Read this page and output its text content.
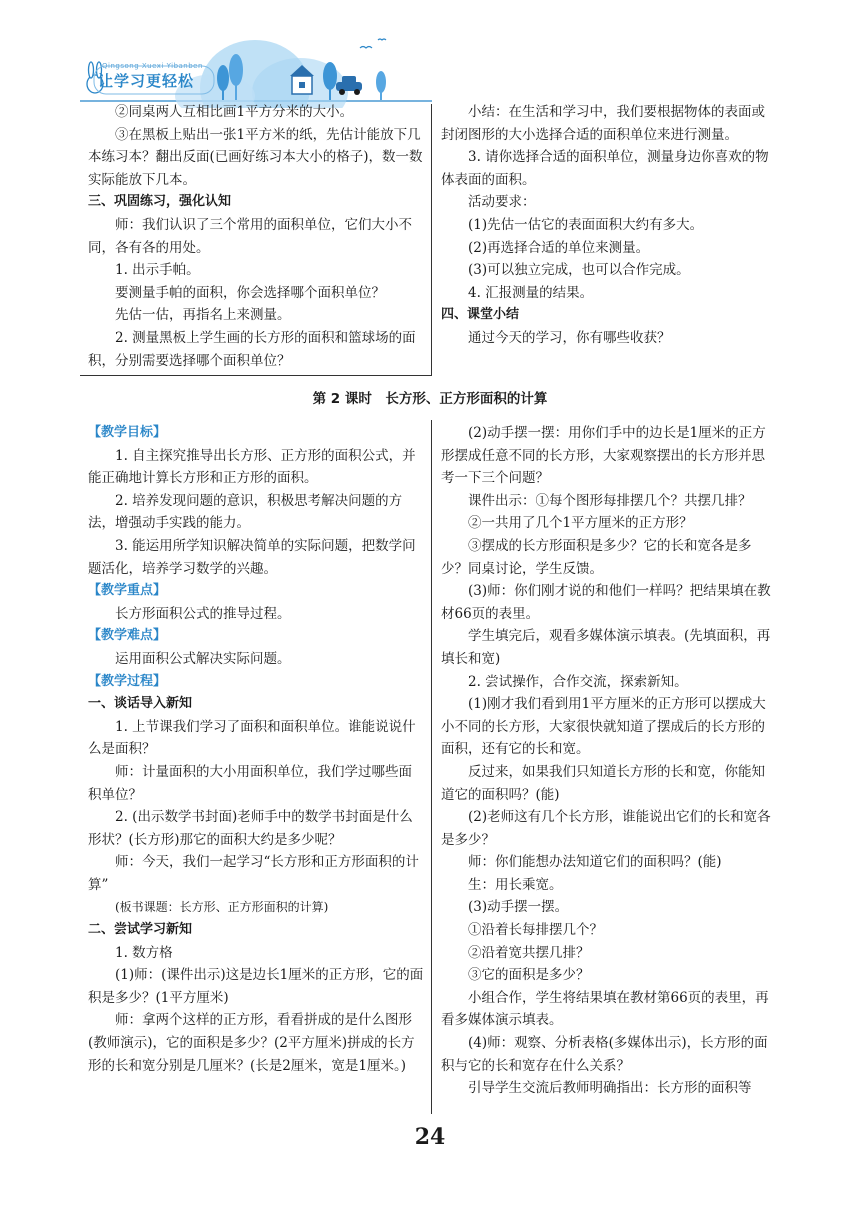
Qingsong Xuexi Yibanben
让学习更轻松

②同桌两人互相比画1平方分米的大小。

③在黑板上贴出一张1平方米的纸，先估计能放下几本练习本？翻出反面(已画好练习本大小的格子)，数一数实际能放下几本。

三、巩固练习，强化认知

师：我们认识了三个常用的面积单位，它们大小不同，各有各的用处。

1. 出示手帕。

要测量手帕的面积，你会选择哪个面积单位？

先估一估，再指名上来测量。

2. 测量黑板上学生画的长方形的面积和篮球场的面积，分别需要选择哪个面积单位？

小结：在生活和学习中，我们要根据物体的表面或封闭图形的大小选择合适的面积单位来进行测量。

3. 请你选择合适的面积单位，测量身边你喜欢的物体表面的面积。

活动要求：

(1)先估一估它的表面面积大约有多大。

(2)再选择合适的单位来测量。

(3)可以独立完成，也可以合作完成。

4. 汇报测量的结果。

四、课堂小结

通过今天的学习，你有哪些收获？

第 2 课时　长方形、正方形面积的计算

【教学目标】

1. 自主探究推导出长方形、正方形的面积公式，并能正确地计算长方形和正方形的面积。

2. 培养发现问题的意识，积极思考解决问题的方法，增强动手实践的能力。

3. 能运用所学知识解决简单的实际问题，把数学问题活化，培养学习数学的兴趣。

【教学重点】

长方形面积公式的推导过程。

【教学难点】

运用面积公式解决实际问题。

【教学过程】

一、谈话导入新知

1. 上节课我们学习了面积和面积单位。谁能说说什么是面积？

师：计量面积的大小用面积单位，我们学过哪些面积单位？

2. (出示数学书封面)老师手中的数学书封面是什么形状？(长方形)那它的面积大约是多少呢？

师：今天，我们一起学习“长方形和正方形面积的计算”

(板书课题：长方形、正方形面积的计算)

二、尝试学习新知

1. 数方格

(1)师：(课件出示)这是边长1厘米的正方形，它的面积是多少？(1平方厘米)

师：拿两个这样的正方形，看看拼成的是什么图形(教师演示)，它的面积是多少？(2平方厘米)拼成的长方形的长和宽分别是几厘米？(长是2厘米，宽是1厘米。)

(2)动手摆一摆：用你们手中的边长是1厘米的正方形摆成任意不同的长方形，大家观察摆出的长方形并思考一下三个问题？

课件出示：①每个图形每排摆几个？共摆几排？

②一共用了几个1平方厘米的正方形？

③摆成的长方形面积是多少？它的长和宽各是多少？同桌讨论，学生反馈。

(3)师：你们刚才说的和他们一样吗？把结果填在教材66页的表里。

学生填完后，观看多媒体演示填表。(先填面积，再填长和宽)

2. 尝试操作，合作交流，探索新知。

(1)刚才我们看到用1平方厘米的正方形可以摆成大小不同的长方形，大家很快就知道了摆成后的长方形的面积，还有它的长和宽。

反过来，如果我们只知道长方形的长和宽，你能知道它的面积吗？(能)

(2)老师这有几个长方形，谁能说出它们的长和宽各是多少？

师：你们能想办法知道它们的面积吗？(能)

生：用长乘宽。

(3)动手摆一摆。

①沿着长每排摆几个？

②沿着宽共摆几排？

③它的面积是多少？

小组合作，学生将结果填在教材第66页的表里，再看多媒体演示填表。

(4)师：观察、分析表格(多媒体出示)，长方形的面积与它的长和宽存在什么关系？

引导学生交流后教师明确指出：长方形的面积等

24
